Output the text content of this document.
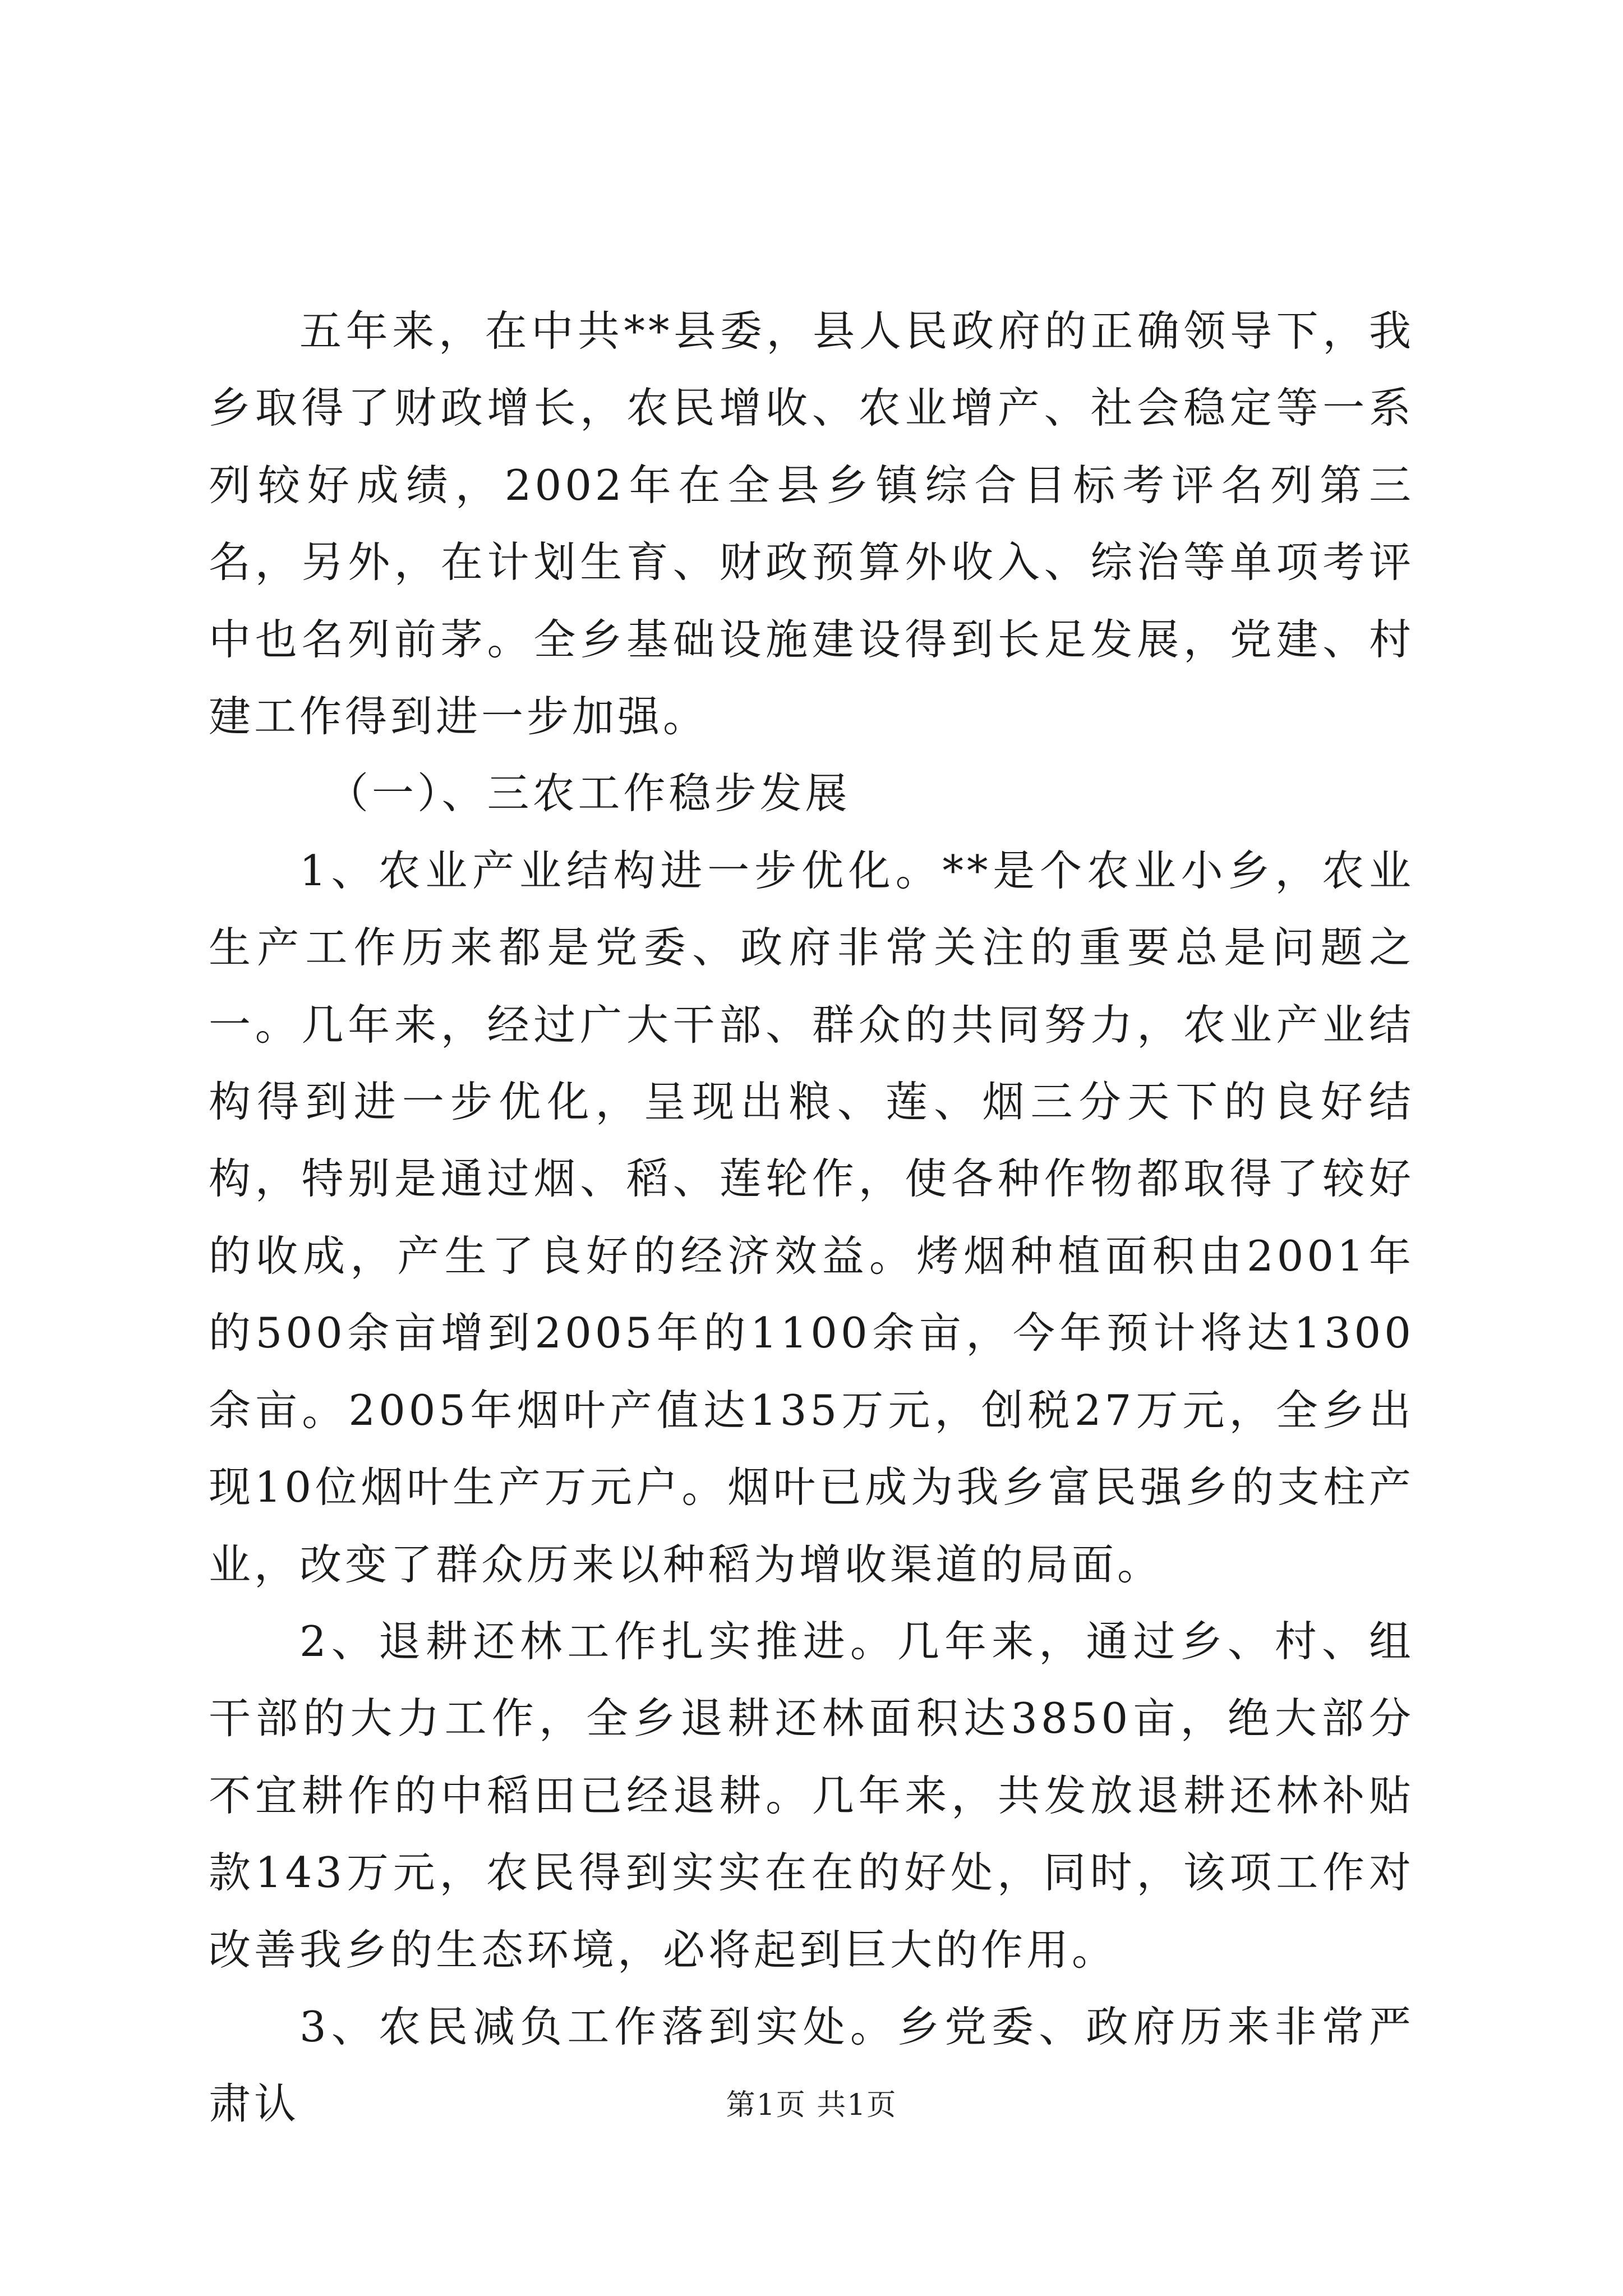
五年来，在中共**县委，县人民政府的正确领导下，我乡取得了财政增长，农民增收、农业增产、社会稳定等一系列较好成绩，2002年在全县乡镇综合目标考评名列第三名，另外，在计划生育、财政预算外收入、综治等单项考评中也名列前茅。全乡基础设施建设得到长足发展，党建、村建工作得到进一步加强。

（一）、三农工作稳步发展

1、农业产业结构进一步优化。**是个农业小乡，农业生产工作历来都是党委、政府非常关注的重要总是问题之一。几年来，经过广大干部、群众的共同努力，农业产业结构得到进一步优化，呈现出粮、莲、烟三分天下的良好结构，特别是通过烟、稻、莲轮作，使各种作物都取得了较好的收成，产生了良好的经济效益。烤烟种植面积由2001年的500余亩增到2005年的1100余亩，今年预计将达1300余亩。2005年烟叶产值达135万元，创税27万元，全乡出现10位烟叶生产万元户。烟叶已成为我乡富民强乡的支柱产业，改变了群众历来以种稻为增收渠道的局面。

2、退耕还林工作扎实推进。几年来，通过乡、村、组干部的大力工作，全乡退耕还林面积达3850亩，绝大部分不宜耕作的中稻田已经退耕。几年来，共发放退耕还林补贴款143万元，农民得到实实在在的好处，同时，该项工作对改善我乡的生态环境，必将起到巨大的作用。

3、农民减负工作落到实处。乡党委、政府历来非常严肃认	第1页 共1页
